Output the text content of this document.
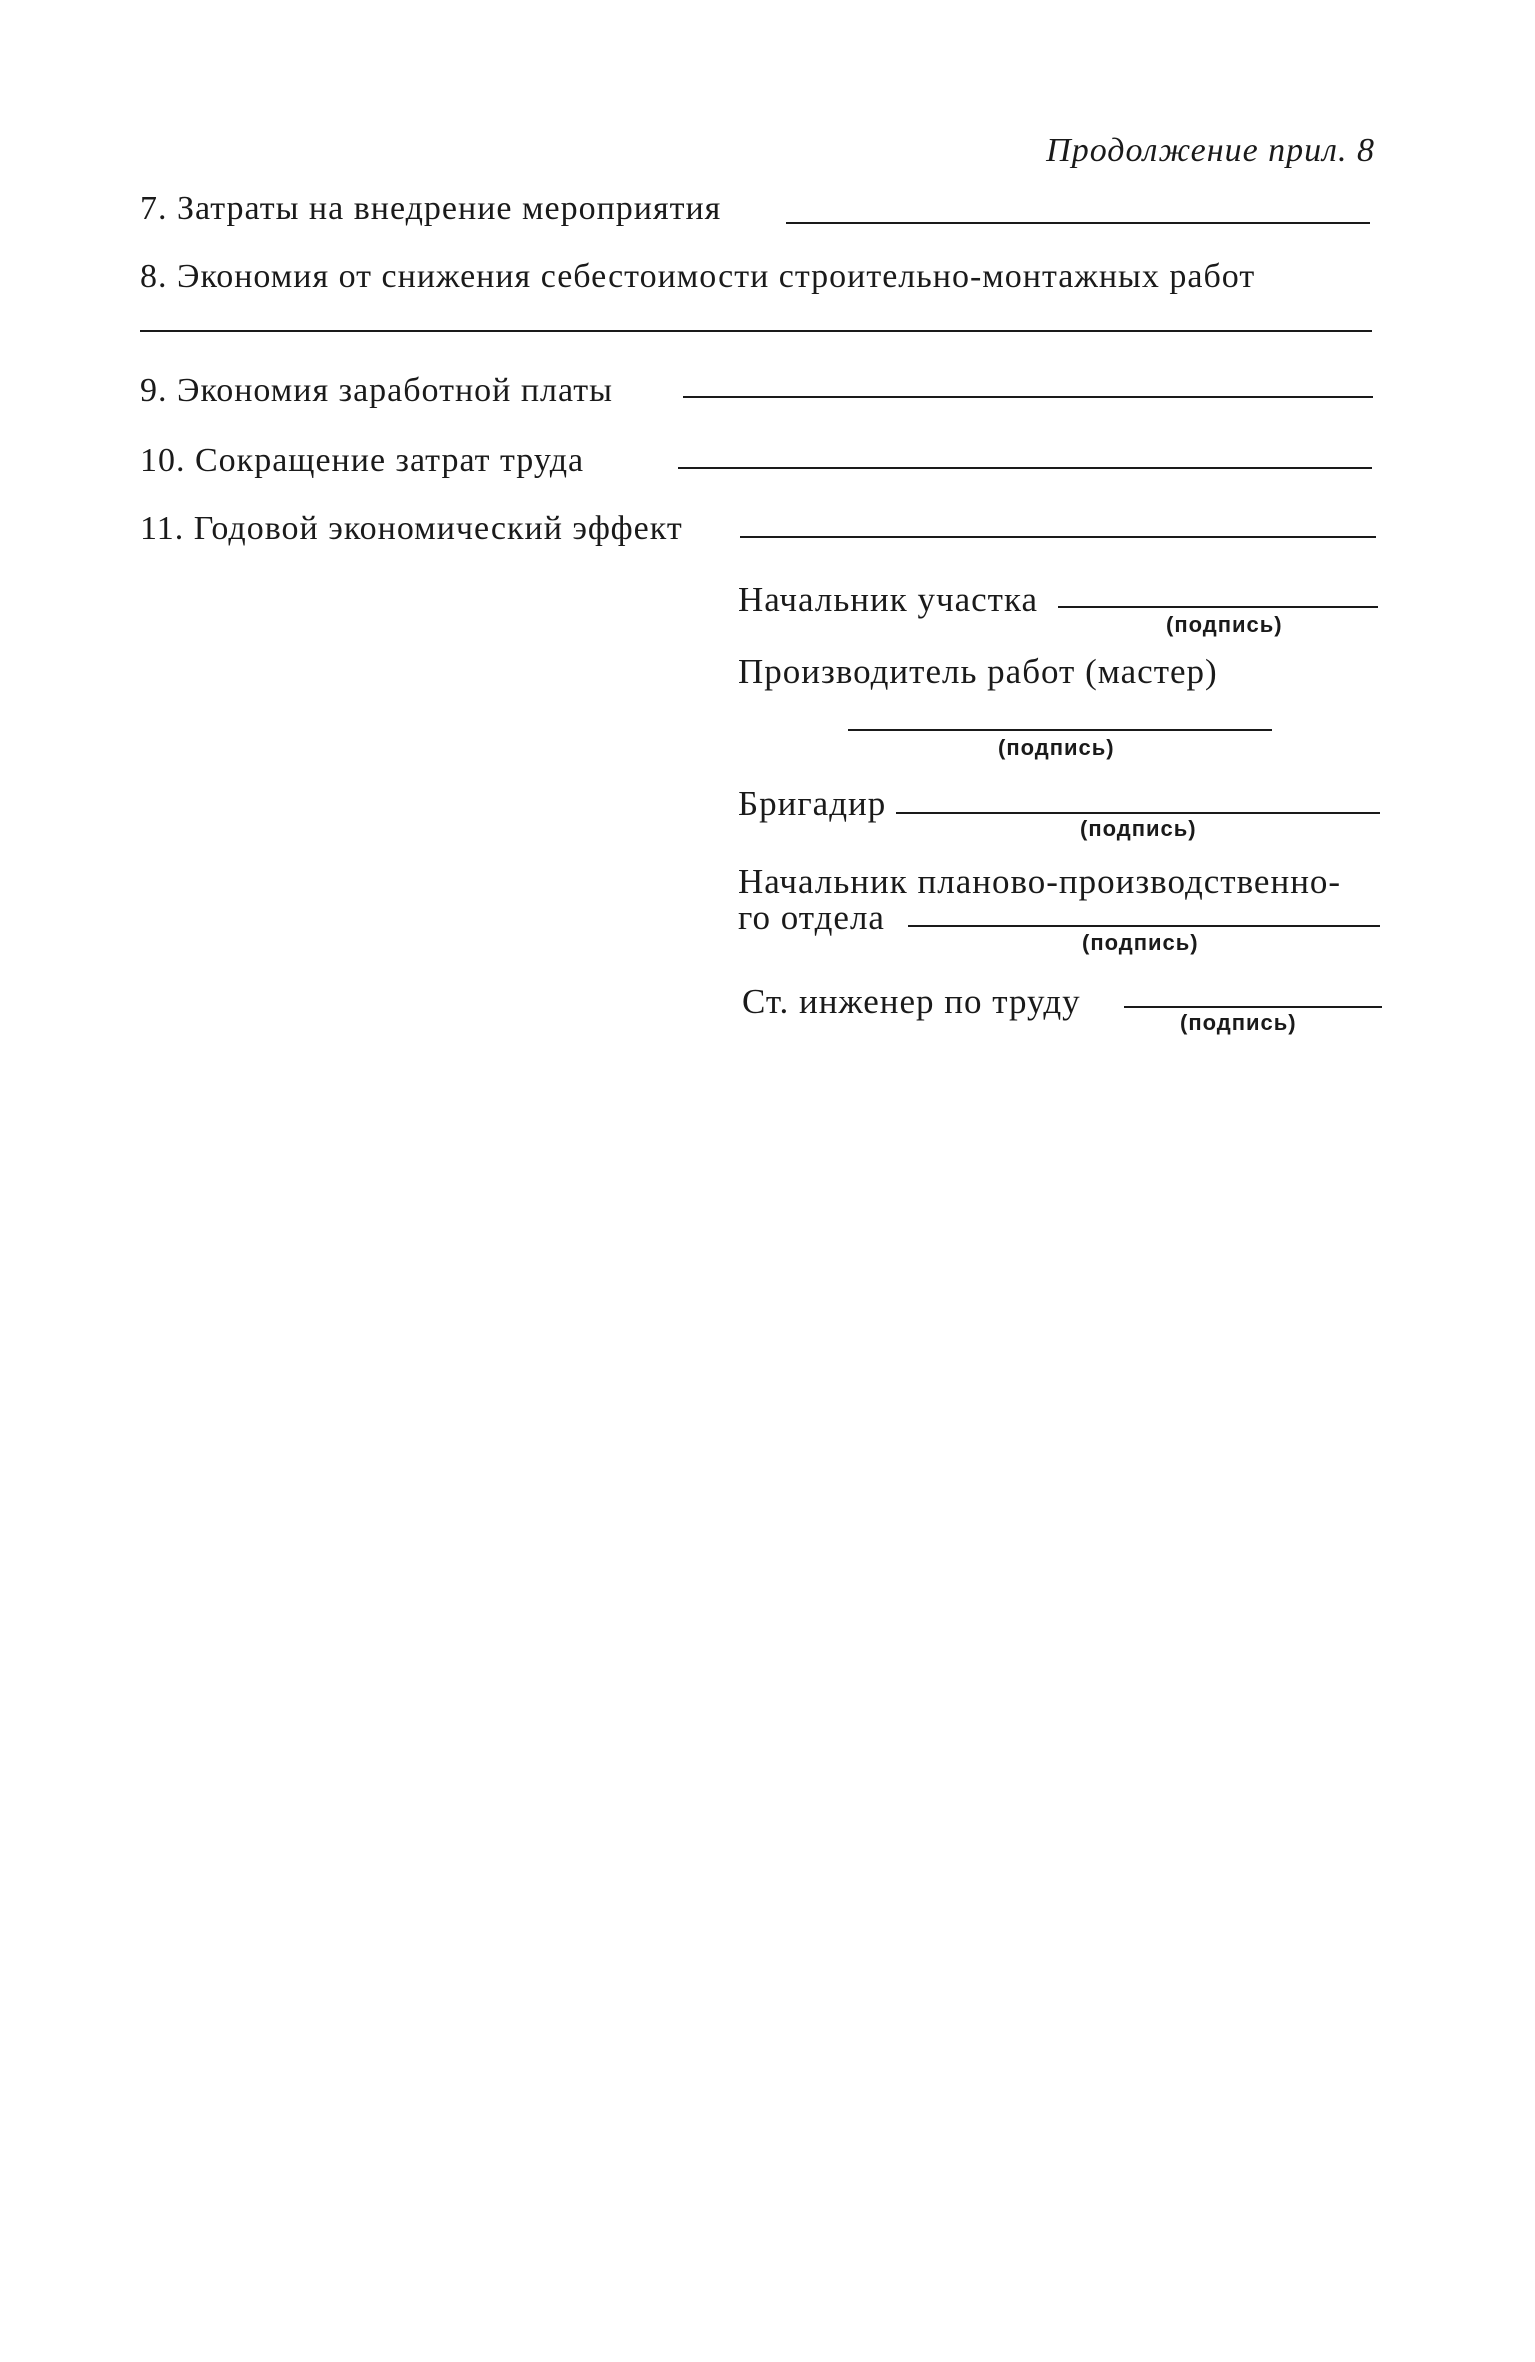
Продолжение прил. 8
7. Затраты на внедрение мероприятия
8. Экономия от снижения себестоимости строительно-монтажных работ
9. Экономия заработной платы
10. Сокращение затрат труда
11. Годовой экономический эффект
Начальник участка
(подпись)
Производитель работ (мастер)
(подпись)
Бригадир
(подпись)
Начальник планово-производственно-
го отдела
(подпись)
Ст. инженер по труду
(подпись)
